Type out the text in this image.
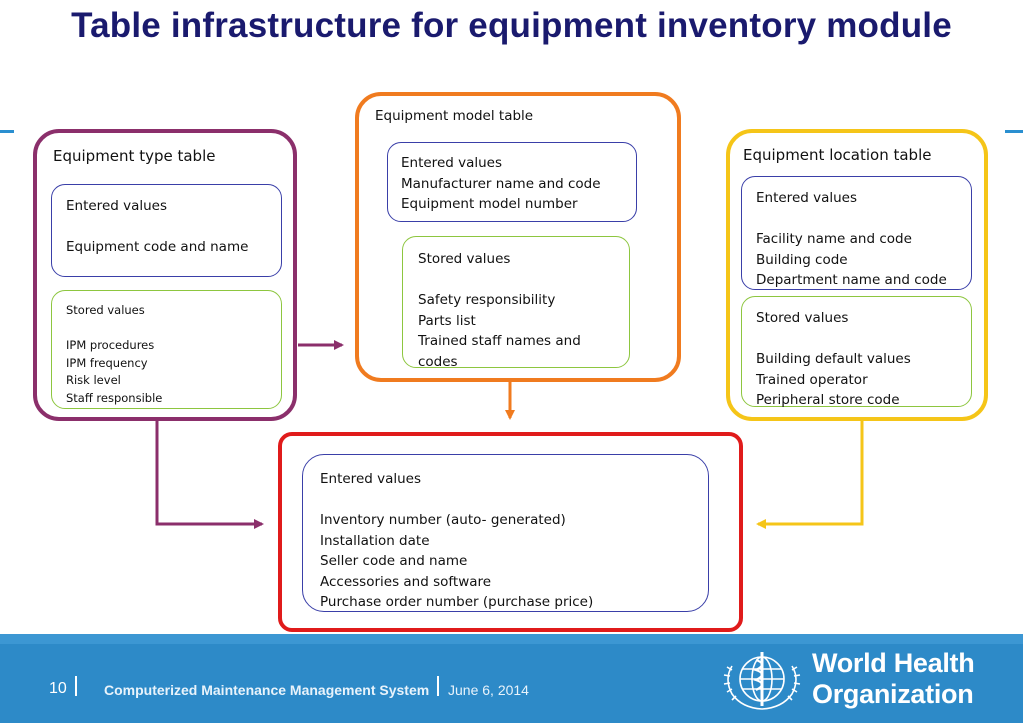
Table infrastructure for equipment inventory module
Equipment type table
Entered values
Equipment code and name
Stored values
IPM procedures
IPM frequency
Risk level
Staff responsible
Equipment model table
Entered values
Manufacturer name and code
Equipment model number
Stored values
Safety responsibility
Parts list
Trained staff names and
codes
Equipment location table
Entered values
Facility name and code
Building code
Department name and code
Stored values
Building default values
Trained operator
Peripheral store code
Entered values
Inventory number (auto- generated)
Installation date
Seller code and name
Accessories and software
Purchase order number (purchase price)
10	Computerized Maintenance Management System June 6, 2014
World Health
Organization
